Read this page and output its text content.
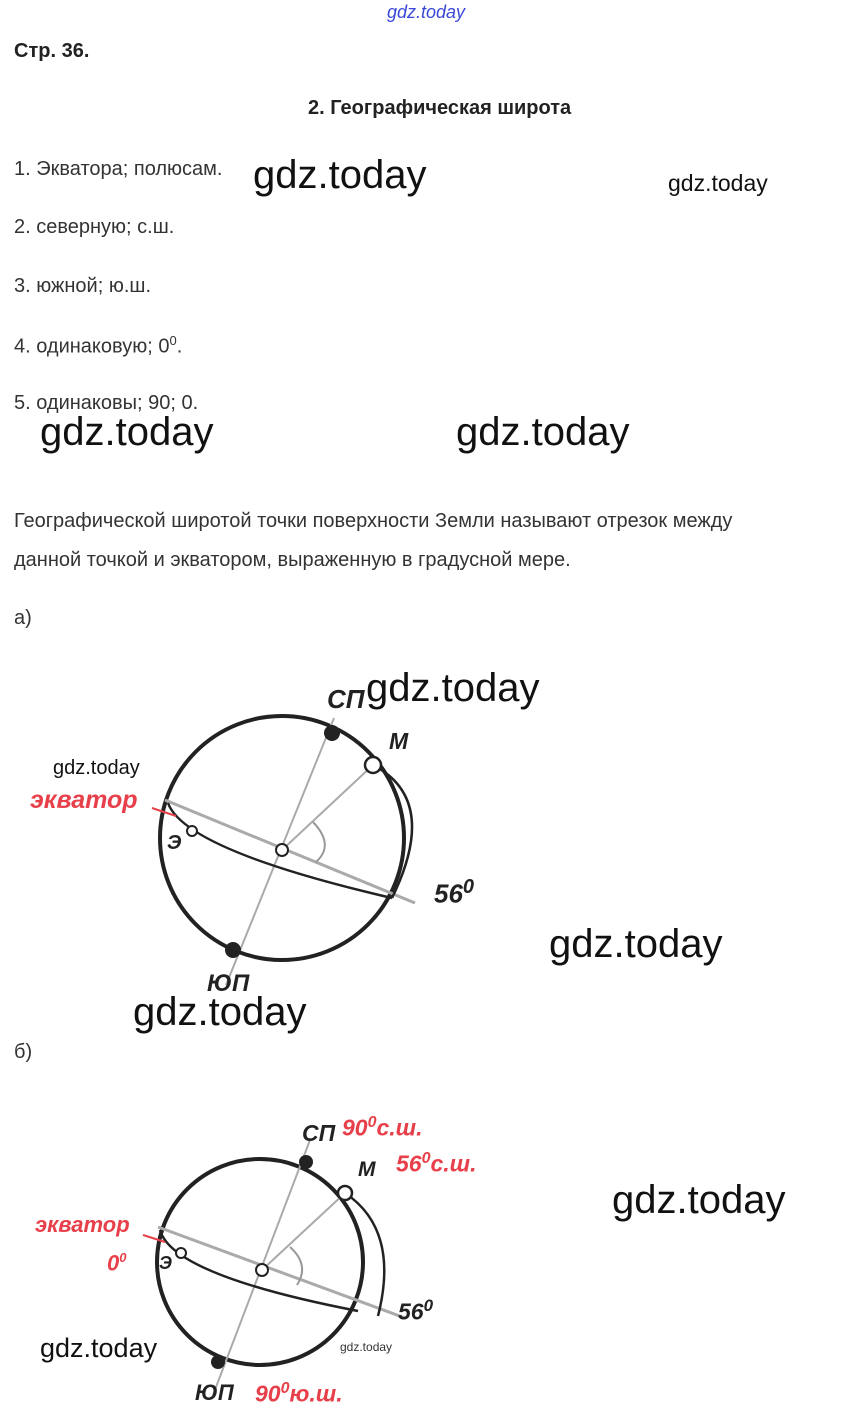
gdz.today
Стр. 36.
2. Географическая широта
1. Экватора; полюсам.
2. северную; с.ш.
3. южной; ю.ш.
4. одинаковую; $0^0$.
5. одинаковы; 90; 0.
gdz.today	gdz.today
gdz.today	gdz.today
Географической широтой точки поверхности Земли называют отрезок между
данной точкой и экватором, выраженную в градусной мере.
а)
СП
М
Э
экватор
$56^0$
ЮП
gdz.today
gdz.today
gdz.today
gdz.today
б)
СП $90^0с.ш$.
М $56^0с.ш$.
экватор
$0^0$ Э
$56^0$
ЮП $90^0ю.ш$.
gdz.today
gdz.today	gdz.today
